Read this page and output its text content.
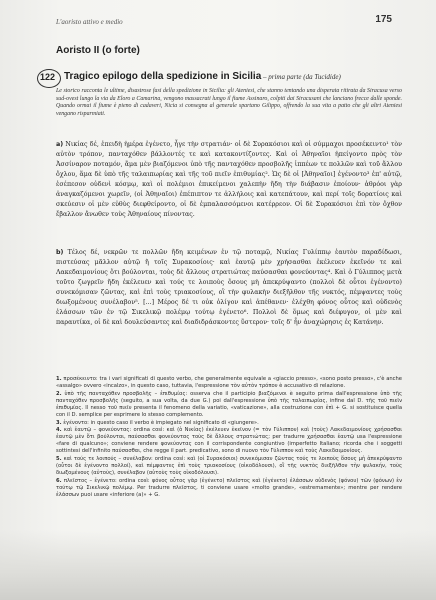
L'aoristo attivo e medio	175
Aoristo II (o forte)
122 Tragico epilogo della spedizione in Sicilia – prima parte (da Tucidide)
Le storico racconta le ultime, disastrose fasi della spedizione in Sicilia: gli Ateniesi, che stanno tentando una disperata ritirata da Siracusa verso sud-ovest lungo la via da Eloro a Camarina, vengono massacrati lungo il fiume Assinaro, colpiti dai Siracusani che lanciano frecce dalle sponde. Quando ormai il fiume è pieno di cadaveri, Nicia si consegna al generale spartano Gilippo, offrendo la sua vita a patto che gli altri Ateniesi vengano risparmiati.
a) Νικίας δέ, ἐπειδὴ ἡμέρα ἐγένετο, ἦγε τὴν στρατιάν· οἱ δὲ Συρακόσιοι καὶ οἱ σύμμαχοι προσέκειντο¹ τὸν αὐτὸν τρόπον, πανταχόθεν βάλλοντές τε καὶ κατακοντίζοντες. Καὶ οἱ Ἀθηναῖοι ἠπείγοντο πρὸς τὸν Ἀσσίναρον ποταμόν, ἅμα μὲν βιαζόμενοι ὑπὸ τῆς πανταχόθεν προσβολῆς ἱππέων τε πολλῶν καὶ τοῦ ἄλλου ὄχλου, ἅμα δὲ ὑπὸ τῆς ταλαιπωρίας καὶ τῆς τοῦ πιεῖν ἐπιθυμίας². Ὡς δὲ οἱ [Ἀθηναῖοι] ἐγένοντο³ ἐπ' αὐτῷ, ἐσέπεσον οὐδενὶ κόσμῳ, καὶ οἱ πολέμιοι ἐπικείμενοι χαλεπὴν ἤδη τὴν διάβασιν ἐποίουν· ἀθρόοι γὰρ ἀναγκαζόμενοι χωρεῖν, (οἱ Ἀθηναῖοι) ἐπέπιπτον τε ἀλλήλοις καὶ κατεπάτουν, καὶ περί τοῖς δορατίοις καὶ σκεύεσιν οἱ μὲν εὐθὺς διεφθείροντο, οἱ δὲ ἐμπαλασσόμενοι κατέρρεον. Οἱ δὲ Συρακόσιοι ἐπὶ τὸν ὄχθον ἔβαλλον ἄνωθεν τοὺς Ἀθηναίους πίνοντας.
b) Τέλος δέ, νεκρῶν τε πολλῶν ἤδη κειμένων ἐν τῷ ποταμῷ, Νικίας Γυλίππῳ ἑαυτὸν παραδίδωσι, πιστεύσας μᾶλλον αὐτῷ ἢ τοῖς Συρακοσίοις· καὶ ἑαυτῷ μὲν χρήσασθαι ἐκέλευεν ἐκεῖνόν τε καὶ Λακεδαιμονίους ὅτι βούλονται, τοὺς δὲ ἄλλους στρατιώτας παύσασθαι φονεύοντας⁴. Καὶ ὁ Γύλιππος μετὰ τοῦτο ζωγρεῖν ἤδη ἐκέλευεν καὶ τούς τε λοιποὺς ὅσους μὴ ἀπεκρύψαντο (πολλοὶ δὲ οὗτοι ἐγένοντο) συνεκόμισαν ζῶντας, καὶ ἐπὶ τοὺς τριακοσίους, οἳ τὴν φυλακὴν διεξῆλθον τῆς νυκτός, πέμψαντες τοὺς διωξομένους συνέλαβον⁵. [...] Μέρος δέ τι οὐκ ὀλίγον καὶ ἀπέθανεν· ἐλέχθη φόνος οὗτος καὶ οὐδενὸς ἐλάσσων τῶν ἐν τῷ Σικελικῷ πολέμῳ τούτῳ ἐγένετο⁶. Πολλοὶ δὲ ὅμως καὶ διέφυγον, οἱ μὲν καὶ παραυτίκα, οἱ δὲ καὶ δουλεύσαντες καὶ διαδιδράσκοντες ὕστερον· τοῖς δ' ἦν ἀναχώρησις ἐς Κατάνην.

1. προσέκειντο: tra i vari significati di questo verbo, che generalmente equivale a «giaccio presso», «sono posto presso», c'è anche «assalgo» ovvero «incalzo», in questo caso, tuttavia, l'espressione τὸν αὐτὸν τρόπον è accusativo di relazione.

2. ὑπὸ τῆς πανταχόθεν προσβολῆς – ἐπιθυμίας: osserva che il participio βιαζόμενοι è seguito prima dall'espressione ὑπὸ τῆς πανταχόθεν προσβολῆς (seguito, a sua volta, da due G.) poi dall'espressione ὑπὸ τῆς ταλαιπωρίας, infine dal D. τῆς τοῦ πιεῖν ἐπιθυμίας. Il nesso τοῦ πιεῖν presenta il fenomeno della variatio, «vaticazione», alla costruzione con ἐπὶ + G. si sostituisce quella con il D. semplice per esprimere lo stesso complemento.

3. ἐγένοντο: in questo caso il verbo è impiegato nel significato di «giungere».

4. καὶ ἑαυτῷ – φονεύοντας: ordina così: καὶ (ὁ Νικίας) ἐκέλευεν ἐκεῖνον (= τὸν Γύλιππον) καὶ (τοὺς) Λακεδαιμονίους χρήσασθαι ἑαυτῷ μὲν ὅτι βούλονται, παύσασθαι φονεύοντας τοὺς δὲ ἄλλους στρατιώτας; per tradurre χρήσασθαι ἑαυτῷ usa l'espressione «fare di qualcuno»; conviene rendere φονεύοντας con il corrispondente congiuntivo (imperfetto Italiano; ricorda che i soggetti sottintesi dell'infinito παύσασθαι, che regge il part. predicativo, sono di nuovo τὸν Γύλιππον καὶ τοὺς Λακεδαιμονίους.

5. καὶ τούς τε λοιπούς – συνέλαβον: ordina così: καὶ (οἱ Συρακόσιοι) συνεκόμισαν ζῶντας τούς τε λοιποὺς ὅσους μὴ ἀπεκρύψαντο (οὗτοι δὲ ἐγένοντο πολλοί), καὶ πέμψαντες ἐπὶ τοὺς τριακοσίους (οἰκοδόλουσι), οἳ τῆς νυκτὸς διεξῆλθον τὴν φυλακήν, τοὺς διωξομένους (αὐτοὺς), συνέλαβον (αὐτοὺς τοὺς οἰκοδόλουσι).

6. πλεῖστος – ἐγένετο: ordina così: φόνος οὗτος γὰρ (ἐγένετο) πλεῖστος καὶ (ἐγένετο) ἐλάσσων οὐδενὸς (φόνου) τῶν (φόνων) ἐν τούτῳ τῷ Σικελικῷ πολέμῳ. Per tradurre πλεῖστος, ti conviene usare «molto grande», «estremamente»; mentre per rendere ἐλάσσων puoi usare «inferiore (a)» + G.
